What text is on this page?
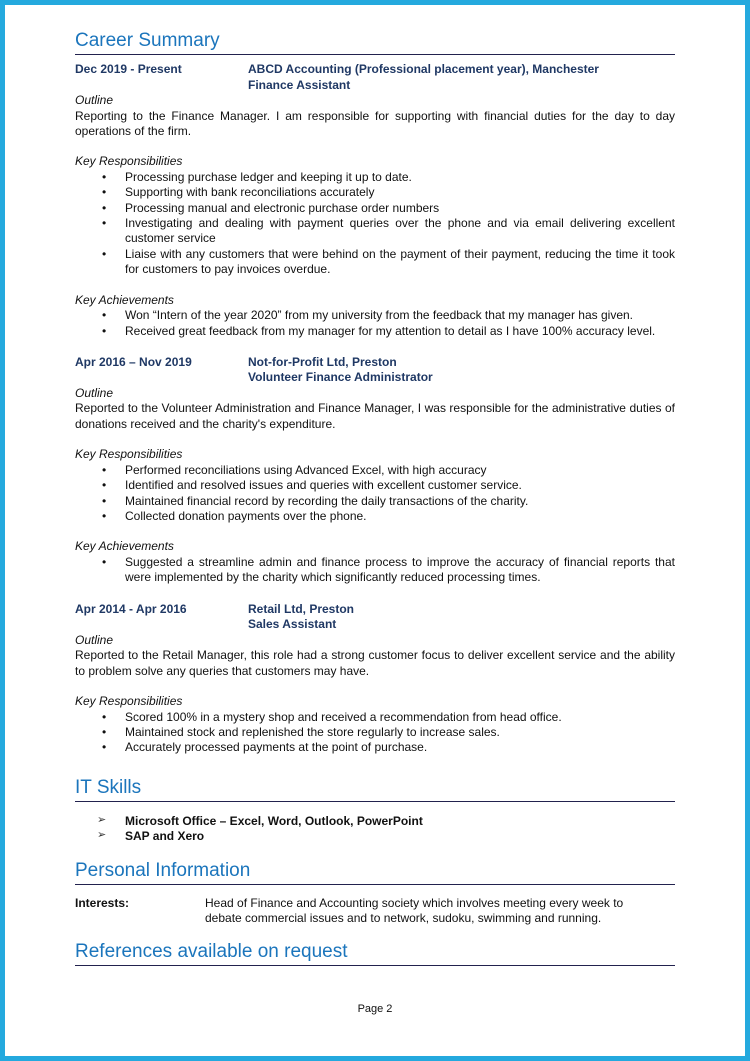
Career Summary
Dec 2019 - Present	ABCD Accounting (Professional placement year), Manchester
Finance Assistant
Outline

Reporting to the Finance Manager. I am responsible for supporting with financial duties for the day to day operations of the firm.

Key Responsibilities
• Processing purchase ledger and keeping it up to date.
• Supporting with bank reconciliations accurately
• Processing manual and electronic purchase order numbers
• Investigating and dealing with payment queries over the phone and via email delivering excellent customer service
• Liaise with any customers that were behind on the payment of their payment, reducing the time it took for customers to pay invoices overdue.
Key Achievements
• Won “Intern of the year 2020” from my university from the feedback that my manager has given.
• Received great feedback from my manager for my attention to detail as I have 100% accuracy level.
Apr 2016 – Nov 2019	Not-for-Profit Ltd, Preston
Volunteer Finance Administrator
Outline

Reported to the Volunteer Administration and Finance Manager, I was responsible for the administrative duties of donations received and the charity's expenditure.

Key Responsibilities
• Performed reconciliations using Advanced Excel, with high accuracy
• Identified and resolved issues and queries with excellent customer service.
• Maintained financial record by recording the daily transactions of the charity.
• Collected donation payments over the phone.
Key Achievements
• Suggested a streamline admin and finance process to improve the accuracy of financial reports that were implemented by the charity which significantly reduced processing times.
Apr 2014 - Apr 2016	Retail Ltd, Preston
Sales Assistant
Outline

Reported to the Retail Manager, this role had a strong customer focus to deliver excellent service and the ability to problem solve any queries that customers may have.

Key Responsibilities
• Scored 100% in a mystery shop and received a recommendation from head office.
• Maintained stock and replenished the store regularly to increase sales.
• Accurately processed payments at the point of purchase.
IT Skills
➢ Microsoft Office – Excel, Word, Outlook, PowerPoint
➢ SAP and Xero
Personal Information
Interests:	Head of Finance and Accounting society which involves meeting every week to debate commercial issues and to network, sudoku, swimming and running.
References available on request
Page 2
